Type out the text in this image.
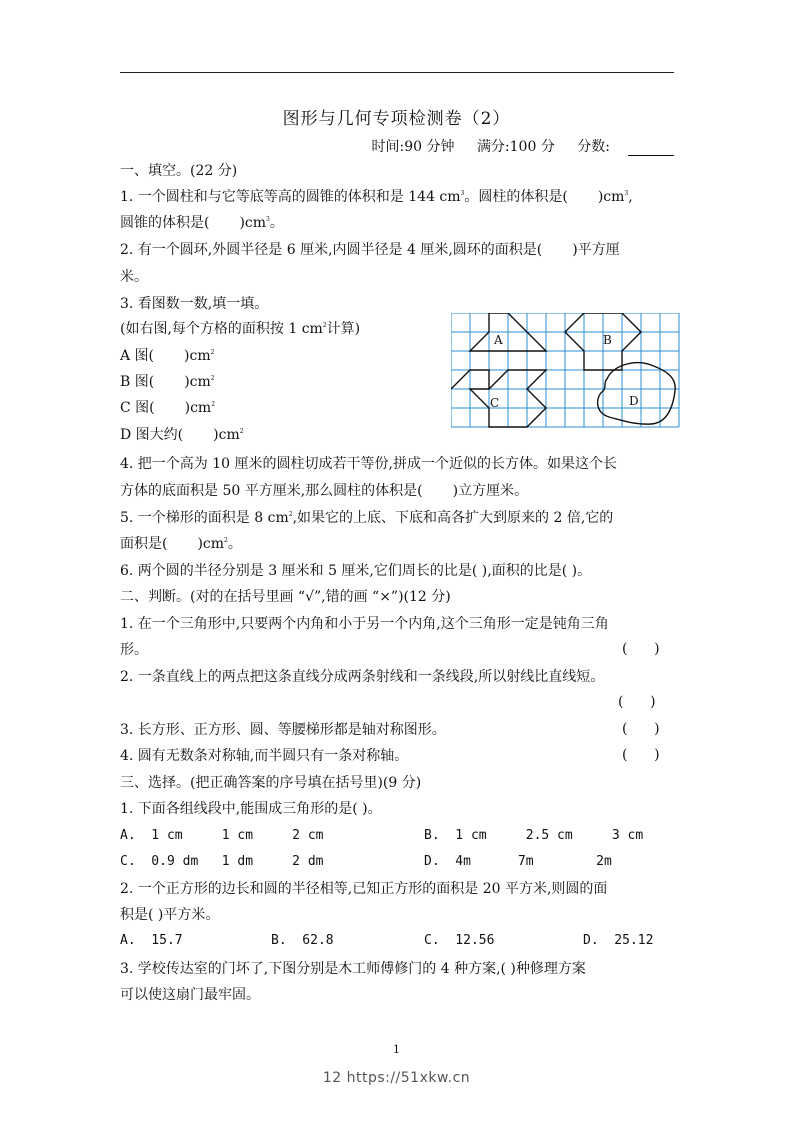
图形与几何专项检测卷（2）
时间:90 分钟 满分:100 分 分数:
一、填空。(22 分)
1. 一个圆柱和与它等底等高的圆锥的体积和是 144 $cm^3$。圆柱的体积是( )$cm^3$,
圆锥的体积是( )$cm^3$。
2. 有一个圆环,外圆半径是 6 厘米,内圆半径是 4 厘米,圆环的面积是( )平方厘
米。
3. 看图数一数,填一填。
(如右图,每个方格的面积按 1 $cm^2$计算)
A 图( )$cm^2$
B 图( )$cm^2$
C 图( )$cm^2$
D 图大约( )$cm^2$
A	B
C	D
4. 把一个高为 10 厘米的圆柱切成若干等份,拼成一个近似的长方体。如果这个长
方体的底面积是 50 平方厘米,那么圆柱的体积是( )立方厘米。
5. 一个梯形的面积是 8 $cm^2$,如果它的上底、下底和高各扩大到原来的 2 倍,它的
面积是( )$cm^2$。
6. 两个圆的半径分别是 3 厘米和 5 厘米,它们周长的比是( ),面积的比是( )。
二、判断。(对的在括号里画 “√”,错的画 “×”)(12 分)
1. 在一个三角形中,只要两个内角和小于另一个内角,这个三角形一定是钝角三角
形。	(      )
2. 一条直线上的两点把这条直线分成两条射线和一条线段,所以射线比直线短。
(      )
3. 长方形、正方形、圆、等腰梯形都是轴对称图形。	(      )
4. 圆有无数条对称轴,而半圆只有一条对称轴。	(      )
三、选择。(把正确答案的序号填在括号里)(9 分)
1. 下面各组线段中,能围成三角形的是( )。
A.  1 cm     1 cm     2 cm	B.  1 cm     2.5 cm     3 cm
C.  0.9 dm   1 dm     2 dm	D.  4m      7m        2m
2. 一个正方形的边长和圆的半径相等,已知正方形的面积是 20 平方米,则圆的面
积是( )平方米。
A.  15.7	B.  62.8	C.  12.56	D.  25.12
3. 学校传达室的门坏了,下图分别是木工师傅修门的 4 种方案,( )种修理方案
可以使这扇门最牢固。
1
12 https://51xkw.cn
